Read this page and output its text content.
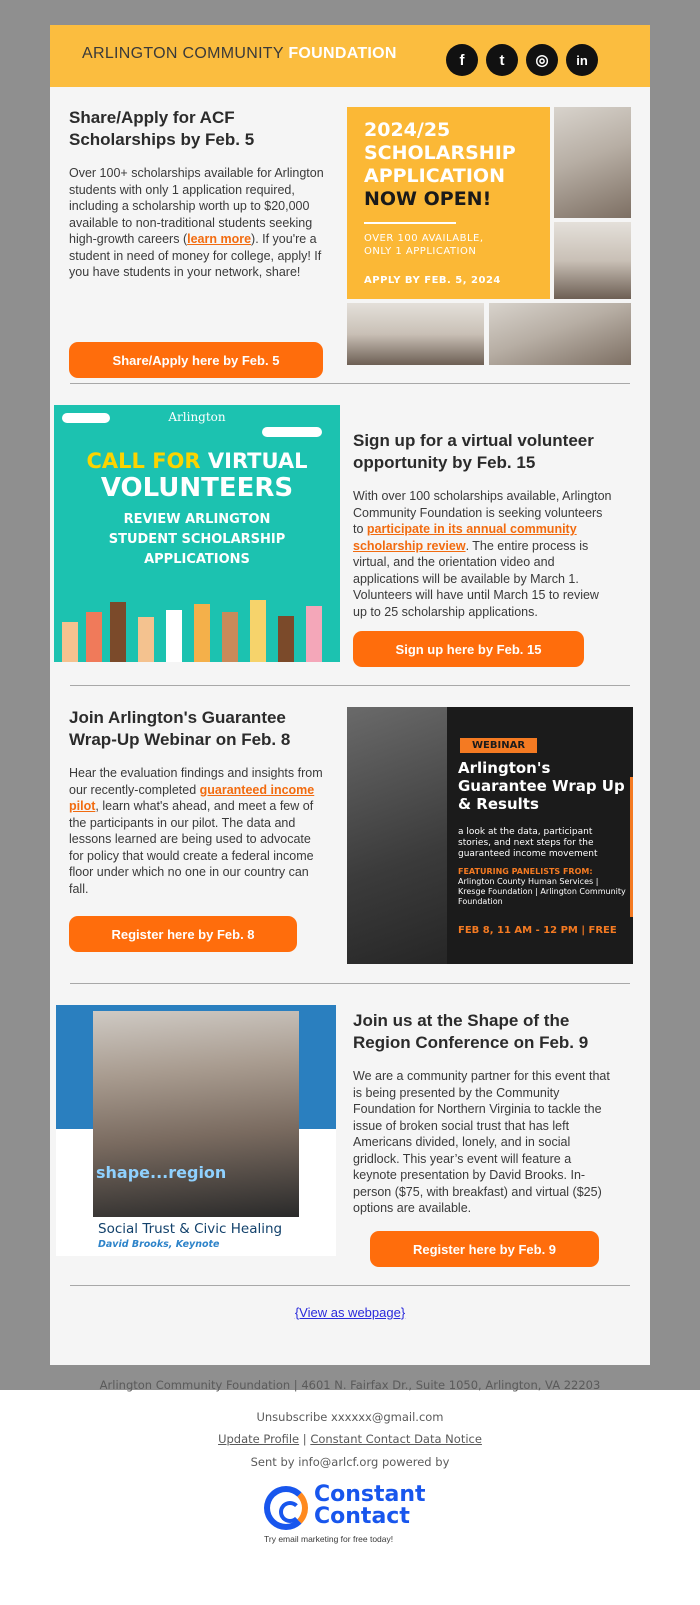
ARLINGTON COMMUNITY FOUNDATION	f	t	◎	in
Share/Apply for ACF Scholarships by Feb. 5

Over 100+ scholarships available for Arlington students with only 1 application required, including a scholarship worth up to $20,000 available to non-traditional students seeking high-growth careers (learn more). If you're a student in need of money for college, apply! If you have students in your network, share!

Share/Apply here by Feb. 5
2024/25
SCHOLARSHIP
APPLICATION
NOW OPEN!
OVER 100 AVAILABLE, ONLY 1 APPLICATION
APPLY BY FEB. 5, 2024
Arlington
CALL FOR VIRTUAL
VOLUNTEERS
REVIEW ARLINGTON STUDENT SCHOLARSHIP APPLICATIONS
Sign up for a virtual volunteer opportunity by Feb. 15

With over 100 scholarships available, Arlington Community Foundation is seeking volunteers to participate in its annual community scholarship review. The entire process is virtual, and the orientation video and applications will be available by March 1. Volunteers will have until March 15 to review up to 25 scholarship applications.

Sign up here by Feb. 15
Join Arlington's Guarantee Wrap-Up Webinar on Feb. 8

Hear the evaluation findings and insights from our recently-completed guaranteed income pilot, learn what's ahead, and meet a few of the participants in our pilot. The data and lessons learned are being used to advocate for policy that would create a federal income floor under which no one in our country can fall.

Register here by Feb. 8
WEBINAR
Arlington's Guarantee Wrap Up & Results
a look at the data, participant stories, and next steps for the guaranteed income movement
FEATURING PANELISTS FROM:
Arlington County Human Services | Kresge Foundation | Arlington Community Foundation
FEB 8, 11 AM - 12 PM | FREE
shape...region
Social Trust & Civic Healing
David Brooks, Keynote
Join us at the Shape of the Region Conference on Feb. 9

We are a community partner for this event that is being presented by the Community Foundation for Northern Virginia to tackle the issue of broken social trust that has left Americans divided, lonely, and in social gridlock. This year’s event will feature a keynote presentation by David Brooks. In-person ($75, with breakfast) and virtual ($25) options are available.

Register here by Feb. 9
{View as webpage}
Arlington Community Foundation | 4601 N. Fairfax Dr., Suite 1050, Arlington, VA 22203
Unsubscribe xxxxxx@gmail.com
Update Profile | Constant Contact Data Notice
Sent by info@arlcf.org powered by
Constant
Contact
Try email marketing for free today!
